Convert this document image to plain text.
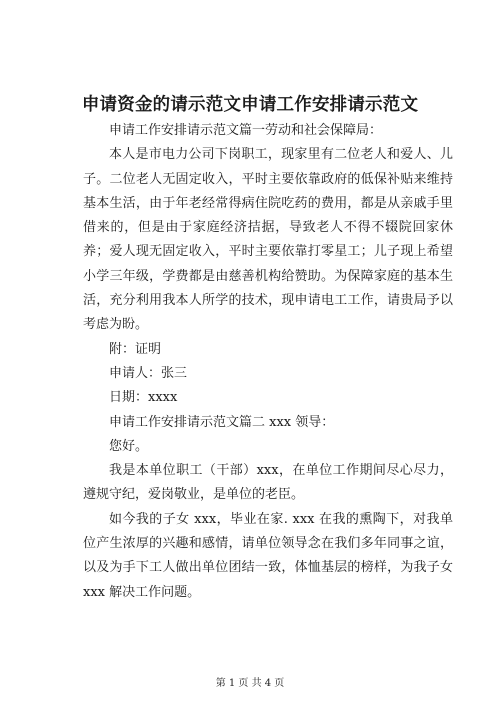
申请资金的请示范文申请工作安排请示范文

申请工作安排请示范文篇一劳动和社会保障局：

本人是市电力公司下岗职工，现家里有二位老人和爱人、儿子。二位老人无固定收入，平时主要依靠政府的低保补贴来维持基本生活，由于年老经常得病住院吃药的费用，都是从亲戚手里借来的，但是由于家庭经济拮据，导致老人不得不辍院回家休养；爱人现无固定收入，平时主要依靠打零星工；儿子现上希望小学三年级，学费都是由慈善机构给赞助。为保障家庭的基本生活，充分利用我本人所学的技术，现申请电工工作，请贵局予以考虑为盼。

附：证明

申请人：张三

日期：xxxx

申请工作安排请示范文篇二 xxx 领导：

您好。

我是本单位职工（干部）xxx，在单位工作期间尽心尽力，遵规守纪，爱岗敬业，是单位的老臣。

如今我的子女 xxx，毕业在家. xxx 在我的熏陶下，对我单位产生浓厚的兴趣和感情，请单位领导念在我们多年同事之谊，以及为手下工人做出单位团结一致，体恤基层的榜样，为我子女 xxx 解决工作问题。

第 1 页 共 4 页
